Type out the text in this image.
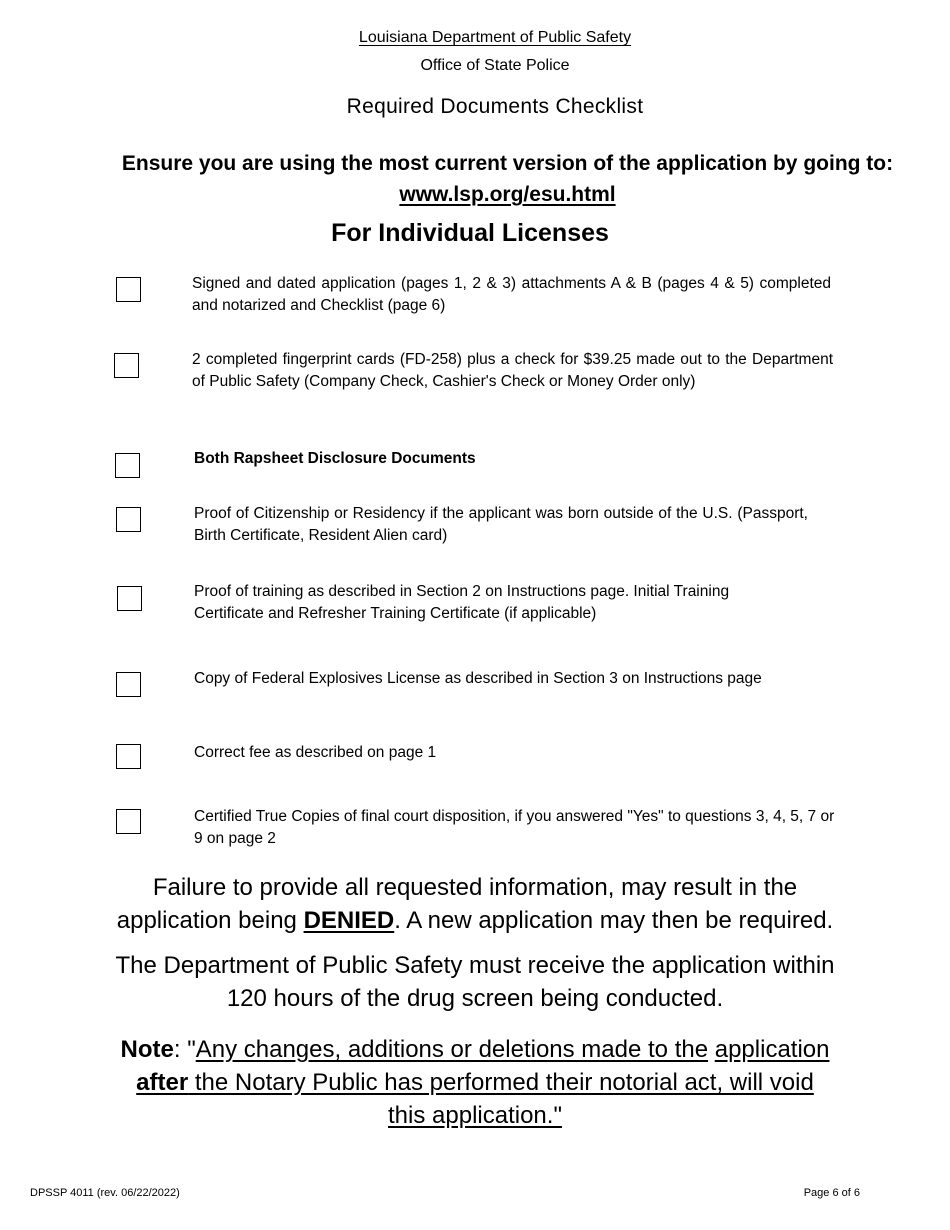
Louisiana Department of Public Safety
Office of State Police
Required Documents Checklist
Ensure you are using the most current version of the application by going to:
www.lsp.org/esu.html
For Individual Licenses
Signed and dated application (pages 1, 2 & 3) attachments A & B (pages 4 & 5) completed and notarized and Checklist (page 6)
2 completed fingerprint cards (FD-258) plus a check for $39.25 made out to the Department of Public Safety (Company Check, Cashier's Check or Money Order only)
Both Rapsheet Disclosure Documents
Proof of Citizenship or Residency if the applicant was born outside of the U.S. (Passport, Birth Certificate, Resident Alien card)
Proof of training as described in Section 2 on Instructions page. Initial Training Certificate and Refresher Training Certificate (if applicable)
Copy of Federal Explosives License as described in Section 3 on Instructions page
Correct fee as described on page 1
Certified True Copies of final court disposition, if you answered "Yes" to questions 3, 4, 5, 7 or 9 on page 2
Failure to provide all requested information, may result in the
application being DENIED. A new application may then be required.
The Department of Public Safety must receive the application within
120 hours of the drug screen being conducted.
Note: "Any changes, additions or deletions made to the application
after the Notary Public has performed their notorial act, will void
this application."
DPSSP 4011 (rev. 06/22/2022)	Page 6 of 6
